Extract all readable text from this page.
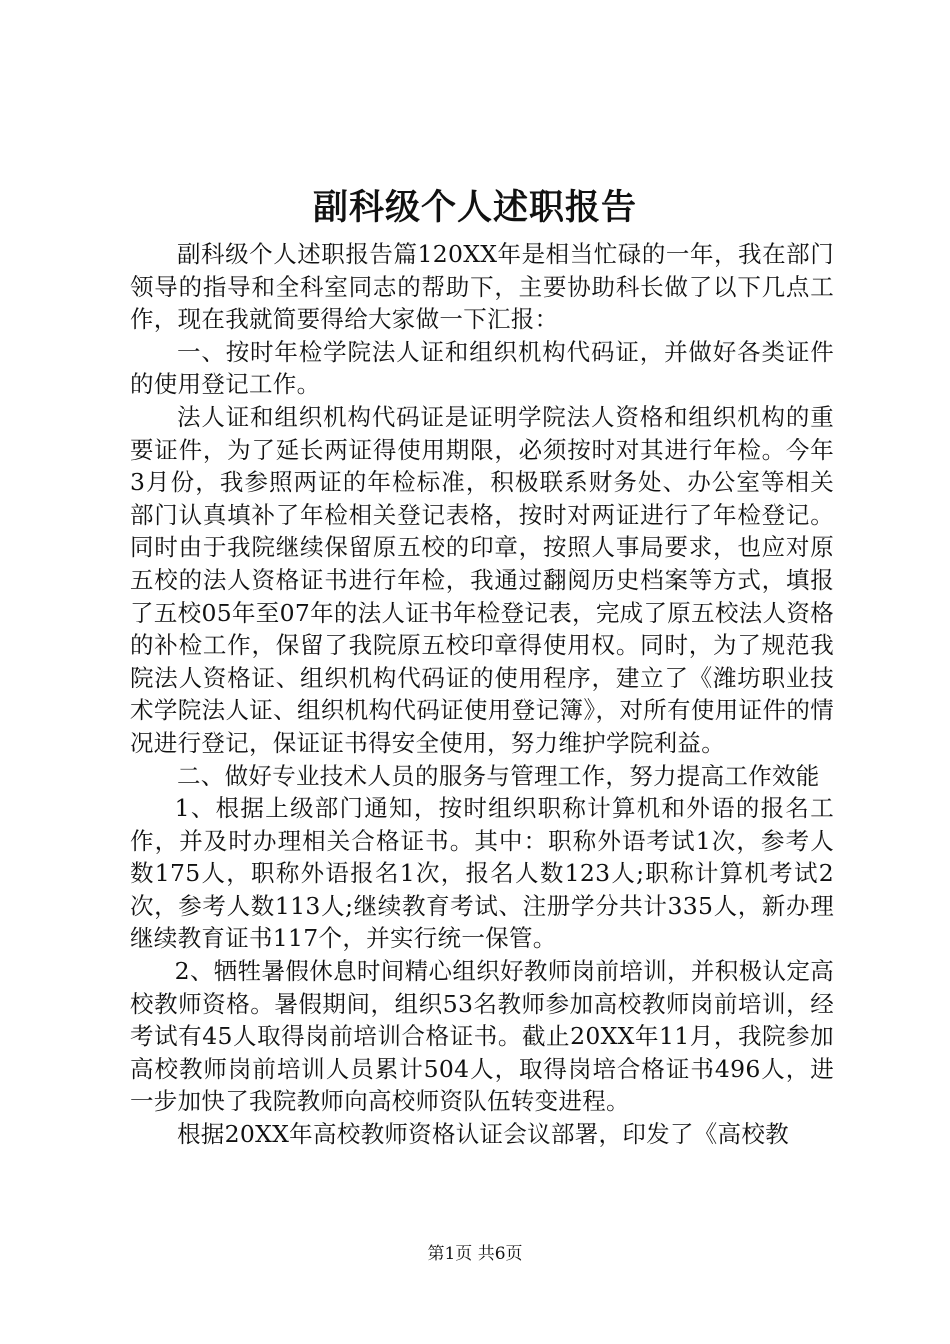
副科级个人述职报告

副科级个人述职报告篇120XX年是相当忙碌的一年，我在部门领导的指导和全科室同志的帮助下，主要协助科长做了以下几点工作，现在我就简要得给大家做一下汇报：

一、按时年检学院法人证和组织机构代码证，并做好各类证件的使用登记工作。

法人证和组织机构代码证是证明学院法人资格和组织机构的重要证件，为了延长两证得使用期限，必须按时对其进行年检。今年3月份，我参照两证的年检标准，积极联系财务处、办公室等相关部门认真填补了年检相关登记表格，按时对两证进行了年检登记。同时由于我院继续保留原五校的印章，按照人事局要求，也应对原五校的法人资格证书进行年检，我通过翻阅历史档案等方式，填报了五校05年至07年的法人证书年检登记表，完成了原五校法人资格的补检工作，保留了我院原五校印章得使用权。同时，为了规范我院法人资格证、组织机构代码证的使用程序，建立了《潍坊职业技术学院法人证、组织机构代码证使用登记簿》，对所有使用证件的情况进行登记，保证证书得安全使用，努力维护学院利益。

二、做好专业技术人员的服务与管理工作，努力提高工作效能

1、根据上级部门通知，按时组织职称计算机和外语的报名工作，并及时办理相关合格证书。其中：职称外语考试1次，参考人数175人，职称外语报名1次，报名人数123人;职称计算机考试2次，参考人数113人;继续教育考试、注册学分共计335人，新办理继续教育证书117个，并实行统一保管。

2、牺牲暑假休息时间精心组织好教师岗前培训，并积极认定高校教师资格。暑假期间，组织53名教师参加高校教师岗前培训，经考试有45人取得岗前培训合格证书。截止20XX年11月，我院参加高校教师岗前培训人员累计504人，取得岗培合格证书496人，进一步加快了我院教师向高校师资队伍转变进程。

根据20XX年高校教师资格认证会议部署，印发了《高校教

第1页 共6页
